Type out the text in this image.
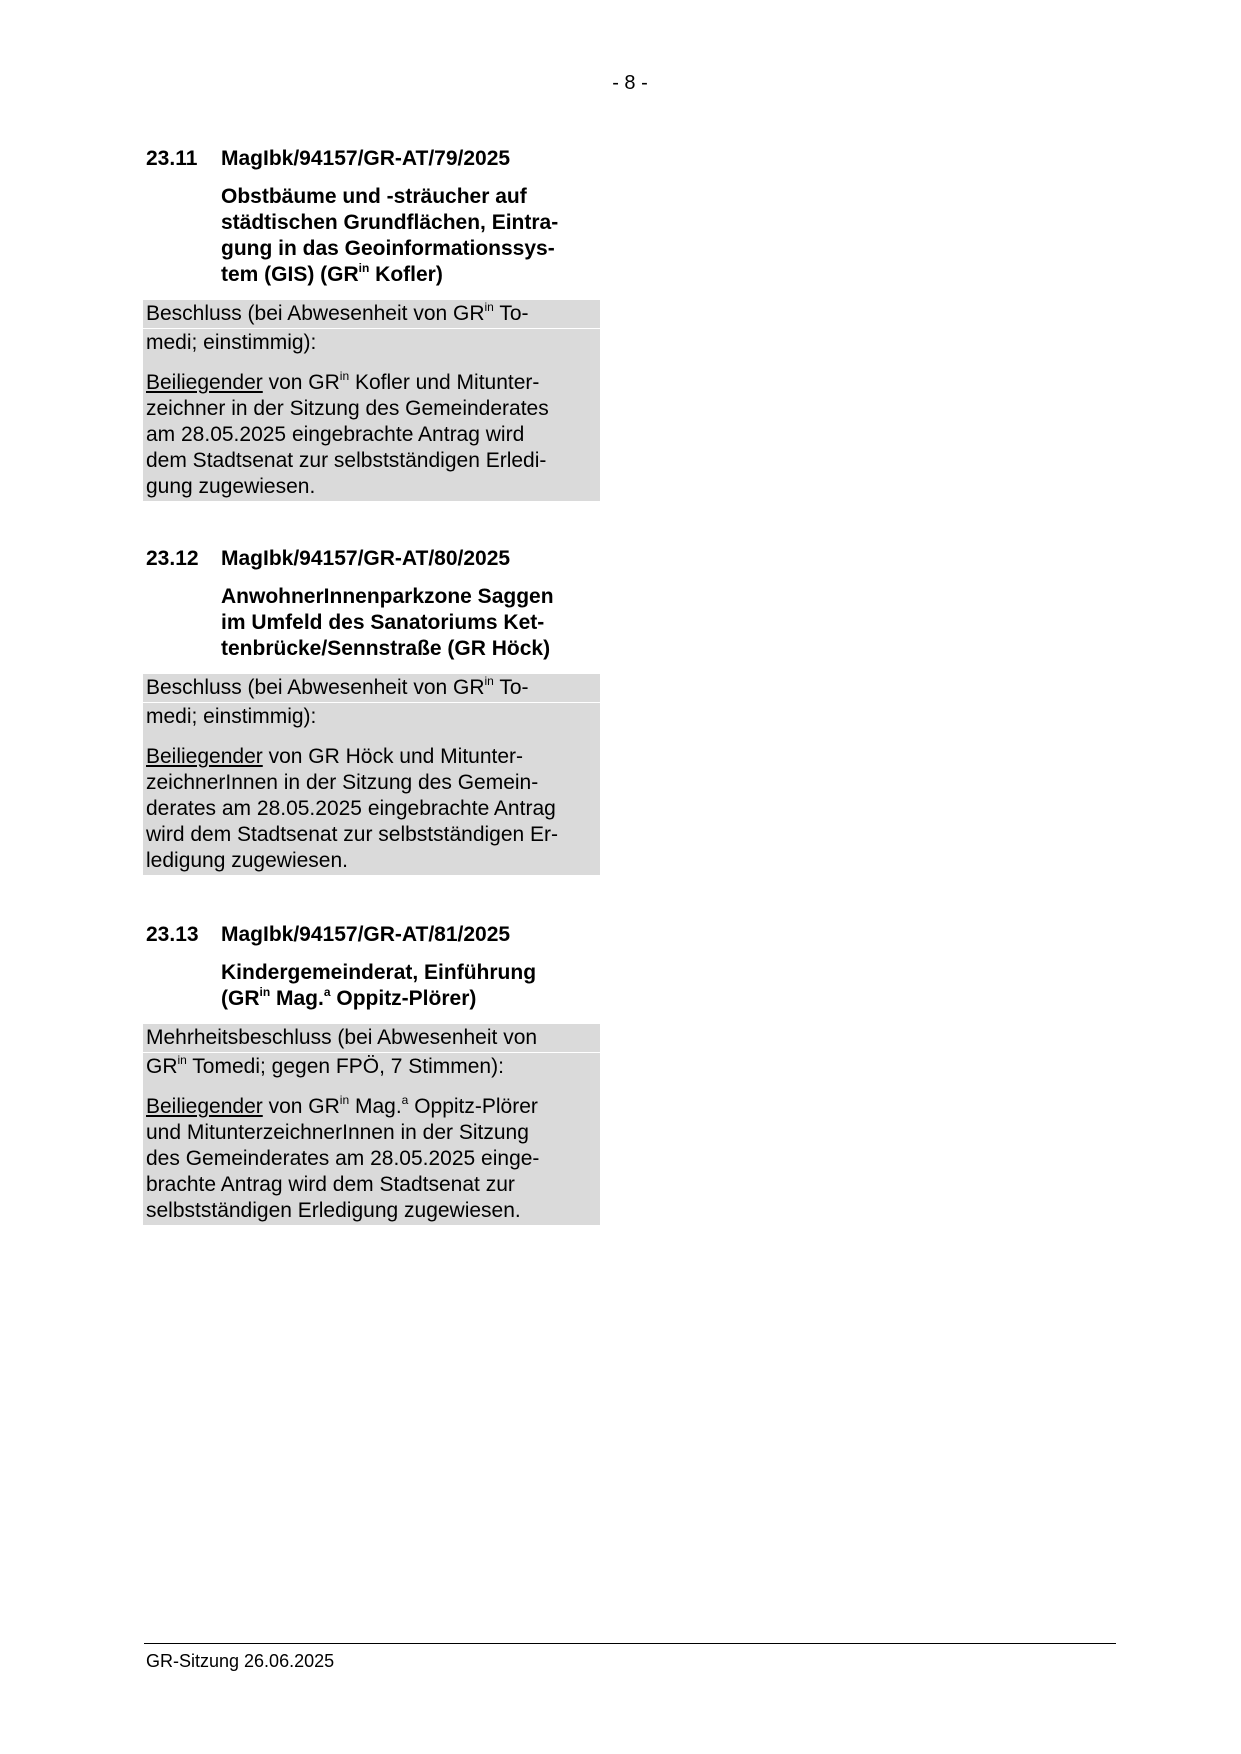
- 8 -
23.11	MagIbk/94157/GR-AT/79/2025
Obstbäume und -sträucher auf
städtischen Grundflächen, Eintra-
gung in das Geoinformationssys-
tem (GIS) ($GR^{in}$ Kofler)
Beschluss (bei Abwesenheit von $GR^{in}$ To-
medi; einstimmig):
Beiliegender von $GR^{in}$ Kofler und Mitunter-
zeichner in der Sitzung des Gemeinderates
am 28.05.2025 eingebrachte Antrag wird
dem Stadtsenat zur selbstständigen Erledi-
gung zugewiesen.
23.12	MagIbk/94157/GR-AT/80/2025
AnwohnerInnenparkzone Saggen
im Umfeld des Sanatoriums Ket-
tenbrücke/Sennstraße (GR Höck)
Beschluss (bei Abwesenheit von $GR^{in}$ To-
medi; einstimmig):
Beiliegender von GR Höck und Mitunter-
zeichnerInnen in der Sitzung des Gemein-
derates am 28.05.2025 eingebrachte Antrag
wird dem Stadtsenat zur selbstständigen Er-
ledigung zugewiesen.
23.13	MagIbk/94157/GR-AT/81/2025
Kindergemeinderat, Einführung
($GR^{in}$ Mag.$^a$ Oppitz-Plörer)
Mehrheitsbeschluss (bei Abwesenheit von
$GR^{in}$ Tomedi; gegen FPÖ, 7 Stimmen):
Beiliegender von $GR^{in}$ Mag.$^a$ Oppitz-Plörer
und MitunterzeichnerInnen in der Sitzung
des Gemeinderates am 28.05.2025 einge-
brachte Antrag wird dem Stadtsenat zur
selbstständigen Erledigung zugewiesen.
GR-Sitzung 26.06.2025
